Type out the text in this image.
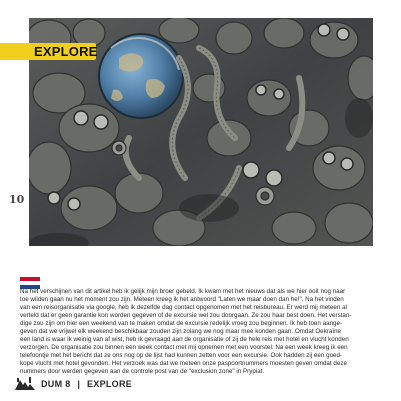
EXPLORE
10
Na het verschijnen van dit artikel heb ik gelijk mijn broer gebeld. Ik kwam met het nieuws dat als we hier ooit nog naar
toe wilden gaan nu het moment zou zijn. Meteen kreeg ik het antwoord "Laten we maar doen dan he!". Na het vinden
van een reisorganisatie via google, heb ik dezelfde dag contact opgenomen met het reisbureau. Er werd mij meteen al
verteld dat er geen garantie kon worden gegeven of de excursie wel zou doorgaan. Ze zou haar best doen. Het verstan-
dige zou zijn om hier een weekend van te maken omdat de excursie redelijk vroeg zou beginnen. Ik heb toen aange-
geven dat we vrijwel elk weekend beschikbaar zouden zijn zolang we nog maar mee konden gaan. Omdat Oekraïne
een land is waar ik weinig van af wist, heb ik gevraagd aan de organisatie of zij de hele reis met hotel en vlucht konden
verzorgen. De organisatie zou binnen een week contact met mij opnemen met een voorstel. Na een week kreeg ik een
telefoontje met het bericht dat ze ons nog op de lijst had kunnen zetten voor een excursie. Ook hadden zij een goed-
kope vlucht met hotel gevonden. Het verzoek was dat we meteen onze paspoortnummers moesten geven omdat deze
nummers door werden gegeven aan de controle post van de "exclusion zone" in Prypiat.
DUM 8 | EXPLORE
